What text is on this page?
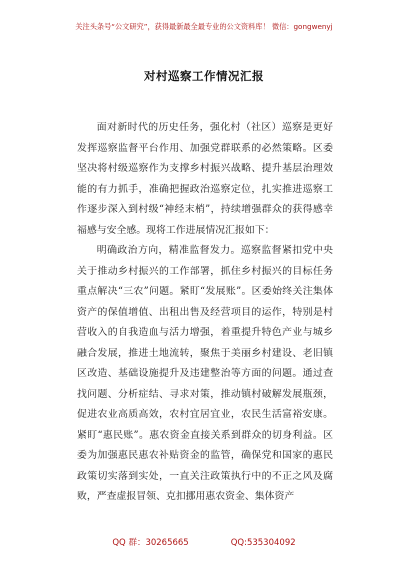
关注头条号“公文研究”，获得最新最全最专业的公文资料库！ 微信：gongwenyj
对村巡察工作情况汇报

面对新时代的历史任务，强化村（社区）巡察是更好发挥巡察监督平台作用、加强党群联系的必然策略。区委坚决将村级巡察作为支撑乡村振兴战略、提升基层治理效能的有力抓手，准确把握政治巡察定位，扎实推进巡察工作逐步深入到村级“神经末梢”，持续增强群众的获得感幸福感与安全感。现将工作进展情况汇报如下：

明确政治方向，精准监督发力。巡察监督紧扣党中央关于推动乡村振兴的工作部署，抓住乡村振兴的目标任务重点解决“三农”问题。紧盯“发展账”。区委始终关注集体资产的保值增值、出租出售及经营项目的运作，特别是村营收入的自我造血与活力增强，着重提升特色产业与城乡融合发展，推进土地流转，聚焦于美丽乡村建设、老旧镇区改造、基础设施提升及违建整治等方面的问题。通过查找问题、分析症结、寻求对策，推动镇村破解发展瓶颈，促进农业高质高效，农村宜居宜业，农民生活富裕安康。紧盯“惠民账”。惠农资金直接关系到群众的切身利益。区委为加强惠民惠农补贴资金的监管，确保党和国家的惠民政策切实落到实处，一直关注政策执行中的不正之风及腐败，严查虚报冒领、克扣挪用惠农资金、集体资产

QQ 群：30265665	QQ:535304092
